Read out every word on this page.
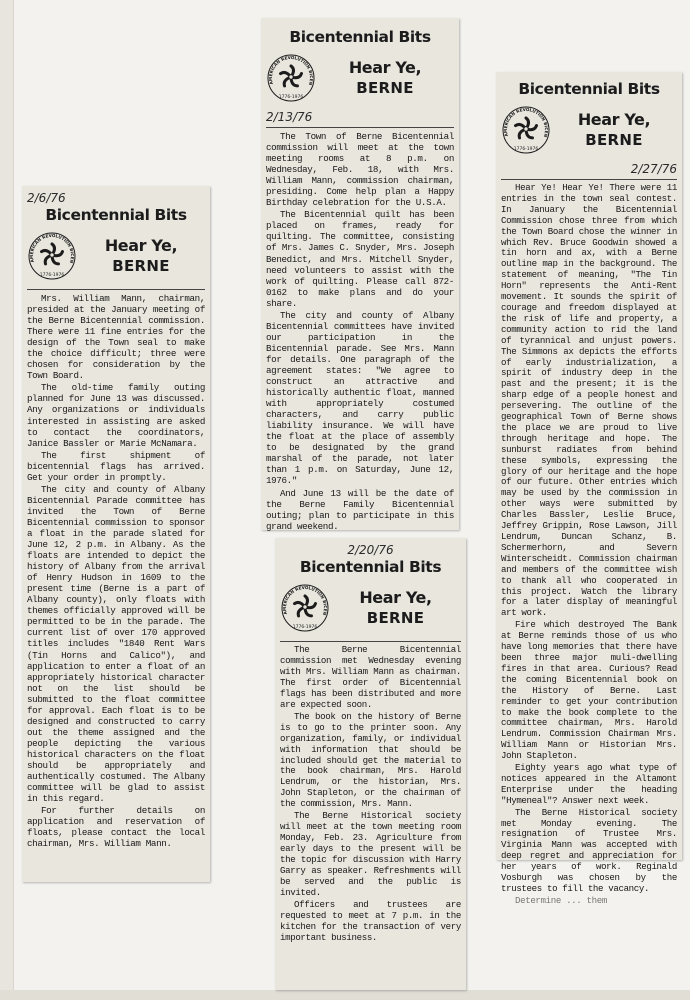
2/6/76
Bicentennial Bits
AMERICAN REVOLUTION BICEN
1776-1976
Hear Ye,
BERNE

Mrs. William Mann, chairman, presided at the January meeting of the Berne Bicentennial commission. There were 11 fine entries for the design of the Town seal to make the choice difficult; three were chosen for consideration by the Town Board.

The old-time family outing planned for June 13 was discussed. Any organizations or individuals interested in assisting are asked to contact the coordinators, Janice Bassler or Marie McNamara.

The first shipment of bicentennial flags has arrived. Get your order in promptly.

The city and county of Albany Bicentennial Parade committee has invited the Town of Berne Bicentennial commission to sponsor a float in the parade slated for June 12, 2 p.m. in Albany. As the floats are intended to depict the history of Albany from the arrival of Henry Hudson in 1609 to the present time (Berne is a part of Albany county), only floats with themes officially approved will be permitted to be in the parade. The current list of over 170 approved titles includes "1840 Rent Wars (Tin Horns and Calico"), and application to enter a float of an appropriately historical character not on the list should be submitted to the float committee for approval. Each float is to be designed and constructed to carry out the theme assigned and the people depicting the various historical characters on the float should be appropriately and authentically costumed. The Albany committee will be glad to assist in this regard.

For further details on application and reservation of floats, please contact the local chairman, Mrs. William Mann.

Bicentennial Bits
AMERICAN REVOLUTION BICEN
1776-1976
Hear Ye,
BERNE
2/13/76

The Town of Berne Bicentennial commission will meet at the town meeting rooms at 8 p.m. on Wednesday, Feb. 18, with Mrs. William Mann, commission chairman, presiding. Come help plan a Happy Birthday celebration for the U.S.A.

The Bicentennial quilt has been placed on frames, ready for quilting. The committee, consisting of Mrs. James C. Snyder, Mrs. Joseph Benedict, and Mrs. Mitchell Snyder, need volunteers to assist with the work of quilting. Please call 872-0162 to make plans and do your share.

The city and county of Albany Bicentennial committees have invited our participation in the Bicentennial parade. See Mrs. Mann for details. One paragraph of the agreement states: "We agree to construct an attractive and historically authentic float, manned with appropriately costumed characters, and carry public liability insurance. We will have the float at the place of assembly to be designated by the grand marshal of the parade, not later than 1 p.m. on Saturday, June 12, 1976."

And June 13 will be the date of the Berne Family Bicentennial outing; plan to participate in this grand weekend.

Bicentennial Bits
AMERICAN REVOLUTION BICEN
1776-1976
Hear Ye,
BERNE
2/27/76

Hear Ye! Hear Ye! There were 11 entries in the town seal contest. In January the Bicentennial Commission chose three from which the Town Board chose the winner in which Rev. Bruce Goodwin showed a tin horn and ax, with a Berne outline map in the background. The statement of meaning, "The Tin Horn" represents the Anti-Rent movement. It sounds the spirit of courage and freedom displayed at the risk of life and property, a community action to rid the land of tyrannical and unjust powers. The Simmons ax depicts the efforts of early industrialization, a spirit of industry deep in the past and the present; it is the sharp edge of a people honest and persevering. The outline of the geographical Town of Berne shows the place we are proud to live through heritage and hope. The sunburst radiates from behind these symbols, expressing the glory of our heritage and the hope of our future. Other entries which may be used by the commission in other ways were submitted by Charles Bassler, Leslie Bruce, Jeffrey Grippin, Rose Lawson, Jill Lendrum, Duncan Schanz, B. Schermerhorn, and Severn Winterscheidt. Commission chairman and members of the committee wish to thank all who cooperated in this project. Watch the library for a later display of meaningful art work.

Fire which destroyed The Bank at Berne reminds those of us who have long memories that there have been three major muli-dwelling fires in that area. Curious? Read the coming Bicentennial book on the History of Berne. Last reminder to get your contribution to make the book complete to the committee chairman, Mrs. Harold Lendrum. Commission Chairman Mrs. William Mann or Historian Mrs. John Stapleton.

Eighty years ago what type of notices appeared in the Altamont Enterprise under the heading "Hymeneal"? Answer next week.

The Berne Historical society met Monday evening. The resignation of Trustee Mrs. Virginia Mann was accepted with deep regret and appreciation for her years of work. Reginald Vosburgh was chosen by the trustees to fill the vacancy.

Determine ... them

2/20/76
Bicentennial Bits
AMERICAN REVOLUTION BICEN
1776-1976
Hear Ye,
BERNE

The Berne Bicentennial commission met Wednesday evening with Mrs. William Mann as chairman. The first order of Bicentennial flags has been distributed and more are expected soon.

The book on the history of Berne is to go to the printer soon. Any organization, family, or individual with information that should be included should get the material to the book chairman, Mrs. Harold Lendrum, or the historian, Mrs. John Stapleton, or the chairman of the commission, Mrs. Mann.

The Berne Historical society will meet at the town meeting room Monday, Feb. 23. Agriculture from early days to the present will be the topic for discussion with Harry Garry as speaker. Refreshments will be served and the public is invited.

Officers and trustees are requested to meet at 7 p.m. in the kitchen for the transaction of very important business.
